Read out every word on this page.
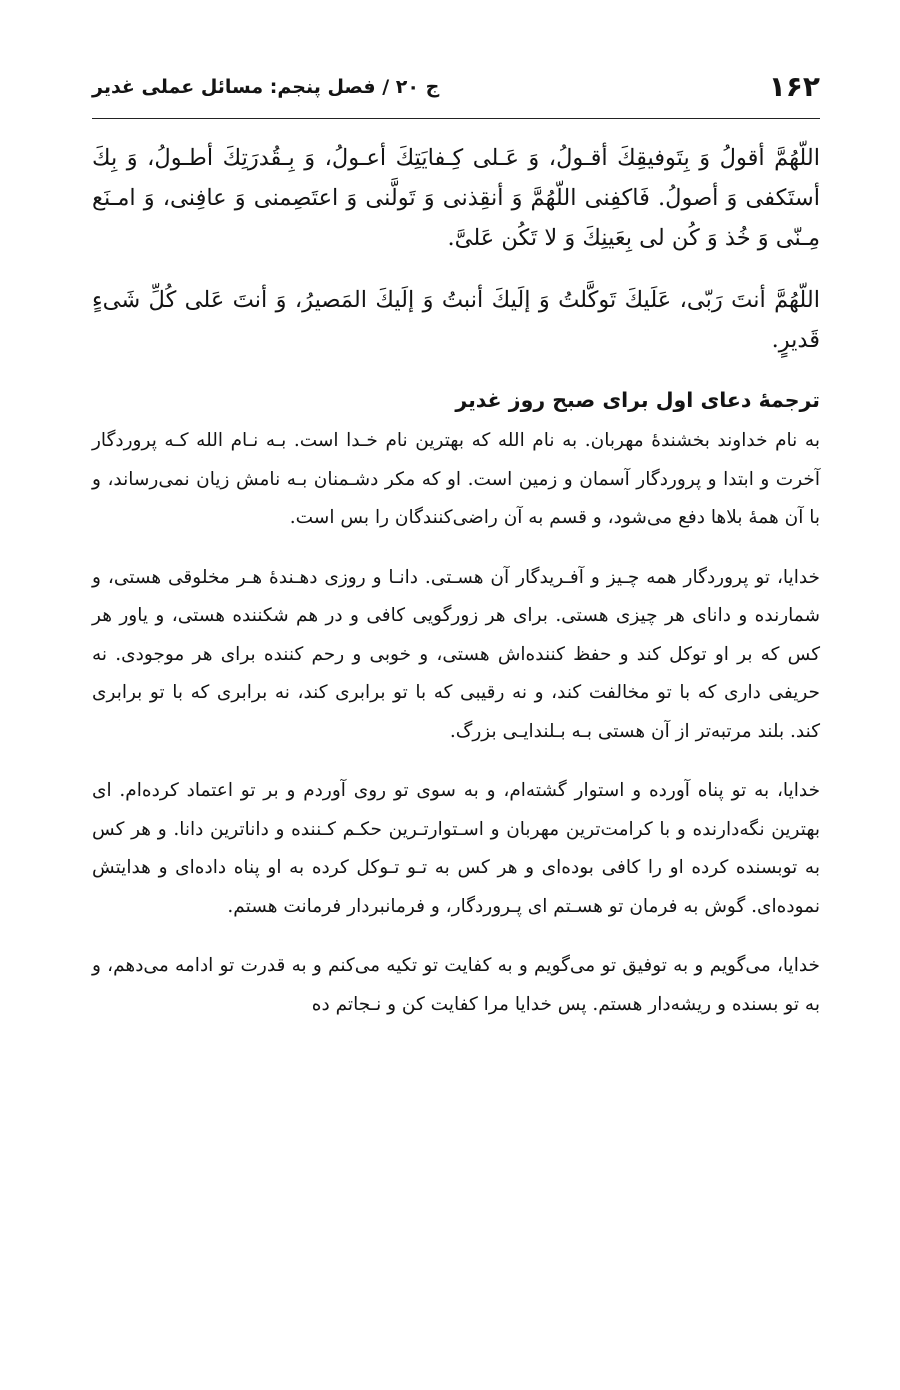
۱۶۲
ج ۲۰ / فصل پنجم: مسائل عملی غدیر

اللّهُمَّ أقولُ وَ بِتَوفيقِكَ أقـولُ، وَ عَـلى كِـفايَتِكَ أعـولُ، وَ بِـقُدرَتِكَ أطـولُ، وَ بِكَ أستَكفى وَ أصولُ. فَاكفِنى اللّهُمَّ وَ أنقِذنى وَ تَولَّنى وَ اعتَصِمنى وَ عافِنى، وَ امـنَع مِـنّى وَ خُذ وَ كُن لى بِعَينِكَ وَ لا تَكُن عَلىَّ.

اللّهُمَّ أنتَ رَبّى، عَلَيكَ تَوكَّلتُ وَ إلَيكَ أنبتُ وَ إلَيكَ المَصيرُ، وَ أنتَ عَلى كُلِّ شَىءٍ قَديرٍ.

ترجمهٔ دعای اول برای صبح روز غدیر

به نام خداوند بخشندهٔ مهربان. به نام الله که بهترین نام خـدا است. بـه نـام الله کـه پروردگار آخرت و ابتدا و پروردگار آسمان و زمین است. او که مکر دشـمنان بـه نامش زیان نمی‌رساند، و با آن همهٔ بلاها دفع می‌شود، و قسم به آن راضی‌کنندگان را بس است.

خدایا، تو پروردگار همه چـیز و آفـریدگار آن هسـتی. دانـا و روزی دهـندهٔ هـر مخلوقی هستی، و شمارنده و دانای هر چیزی هستی. برای هر زورگویی کافی و در هم شکننده هستی، و یاور هر کس که بر او توکل کند و حفظ کننده‌اش هستی، و خوبی و رحم کننده برای هر موجودی. نه حریفی داری که با تو مخالفت کند، و نه رقیبی که با تو برابری کند، نه برابری که با تو برابری کند. بلند مرتبه‌تر از آن هستی بـه بـلندایـی بزرگ.

خدایا، به تو پناه آورده و استوار گشته‌ام، و به سوی تو روی آوردم و بر تو اعتماد کرده‌ام. ای بهترین نگه‌دارنده و با کرامت‌ترین مهربان و اسـتوارتـرین حکـم کـننده و داناترین دانا. و هر کس به توبسنده کرده او را کافی بوده‌ای و هر کس به تـو تـوکل کرده به او پناه داده‌ای و هدایتش نموده‌ای. گوش به فرمان تو هسـتم ای پـروردگار، و فرمانبردار فرمانت هستم.

خدایا، می‌گویم و به توفیق تو می‌گویم و به کفایت تو تکیه می‌کنم و به قدرت تو ادامه می‌دهم، و به تو بسنده و ریشه‌دار هستم. پس خدایا مرا کفایت کن و نـجاتم ده
